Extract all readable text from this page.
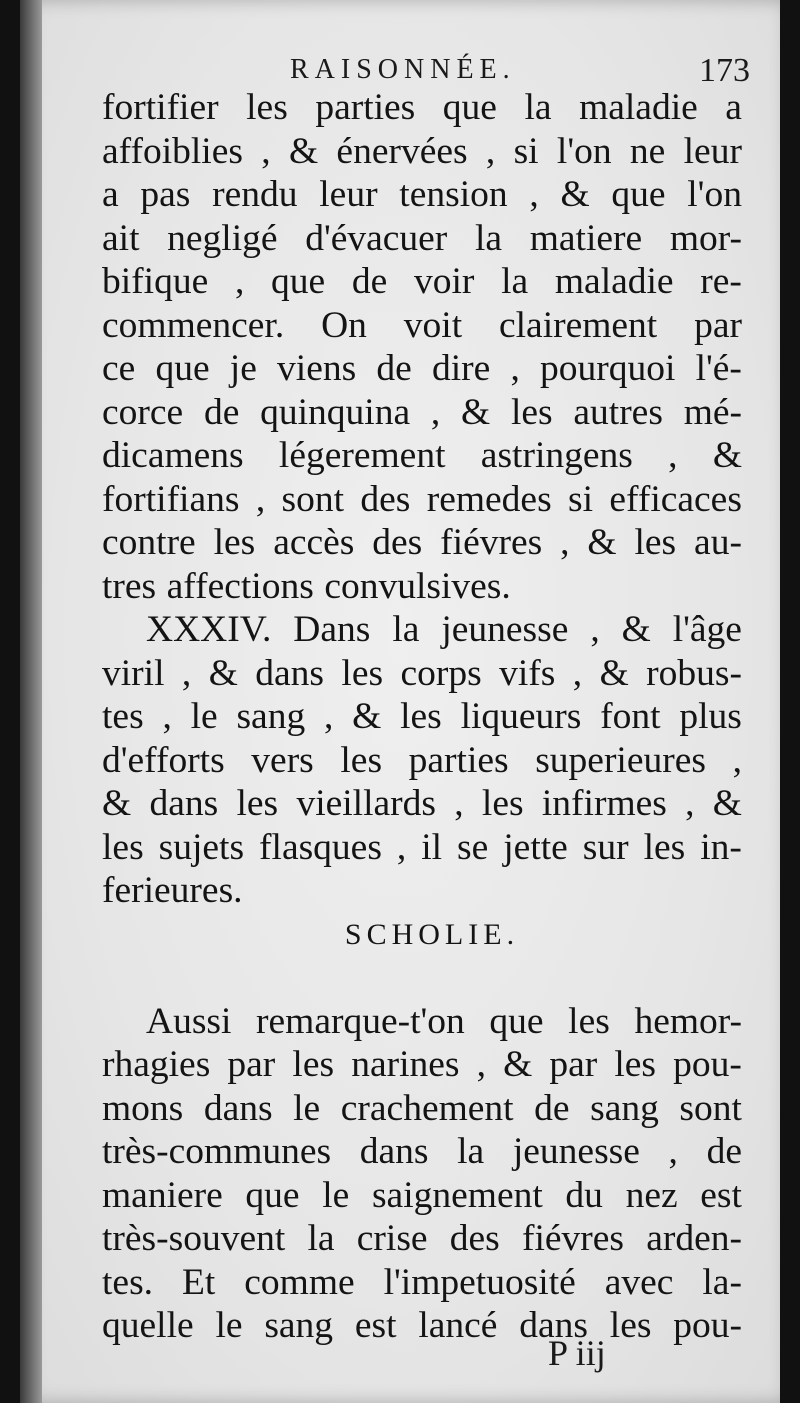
RAISONNÉE.	173
fortifier les parties que la maladie a
affoiblies , & énervées , si l'on ne leur
a pas rendu leur tension , & que l'on
ait negligé d'évacuer la matiere mor-
bifique , que de voir la maladie re-
commencer. On voit clairement par
ce que je viens de dire , pourquoi l'é-
corce de quinquina , & les autres mé-
dicamens légerement astringens , &
fortifians , sont des remedes si efficaces
contre les accès des fiévres , & les au-
tres affections convulsives.
XXXIV. Dans la jeunesse , & l'âge
viril , & dans les corps vifs , & robus-
tes , le sang , & les liqueurs font plus
d'efforts vers les parties superieures ,
& dans les vieillards , les infirmes , &
les sujets flasques , il se jette sur les in-
ferieures.
SCHOLIE.
Aussi remarque-t'on que les hemor-
rhagies par les narines , & par les pou-
mons dans le crachement de sang sont
très-communes dans la jeunesse , de
maniere que le saignement du nez est
très-souvent la crise des fiévres arden-
tes. Et comme l'impetuosité avec la-
quelle le sang est lancé dans les pou-
P iij
